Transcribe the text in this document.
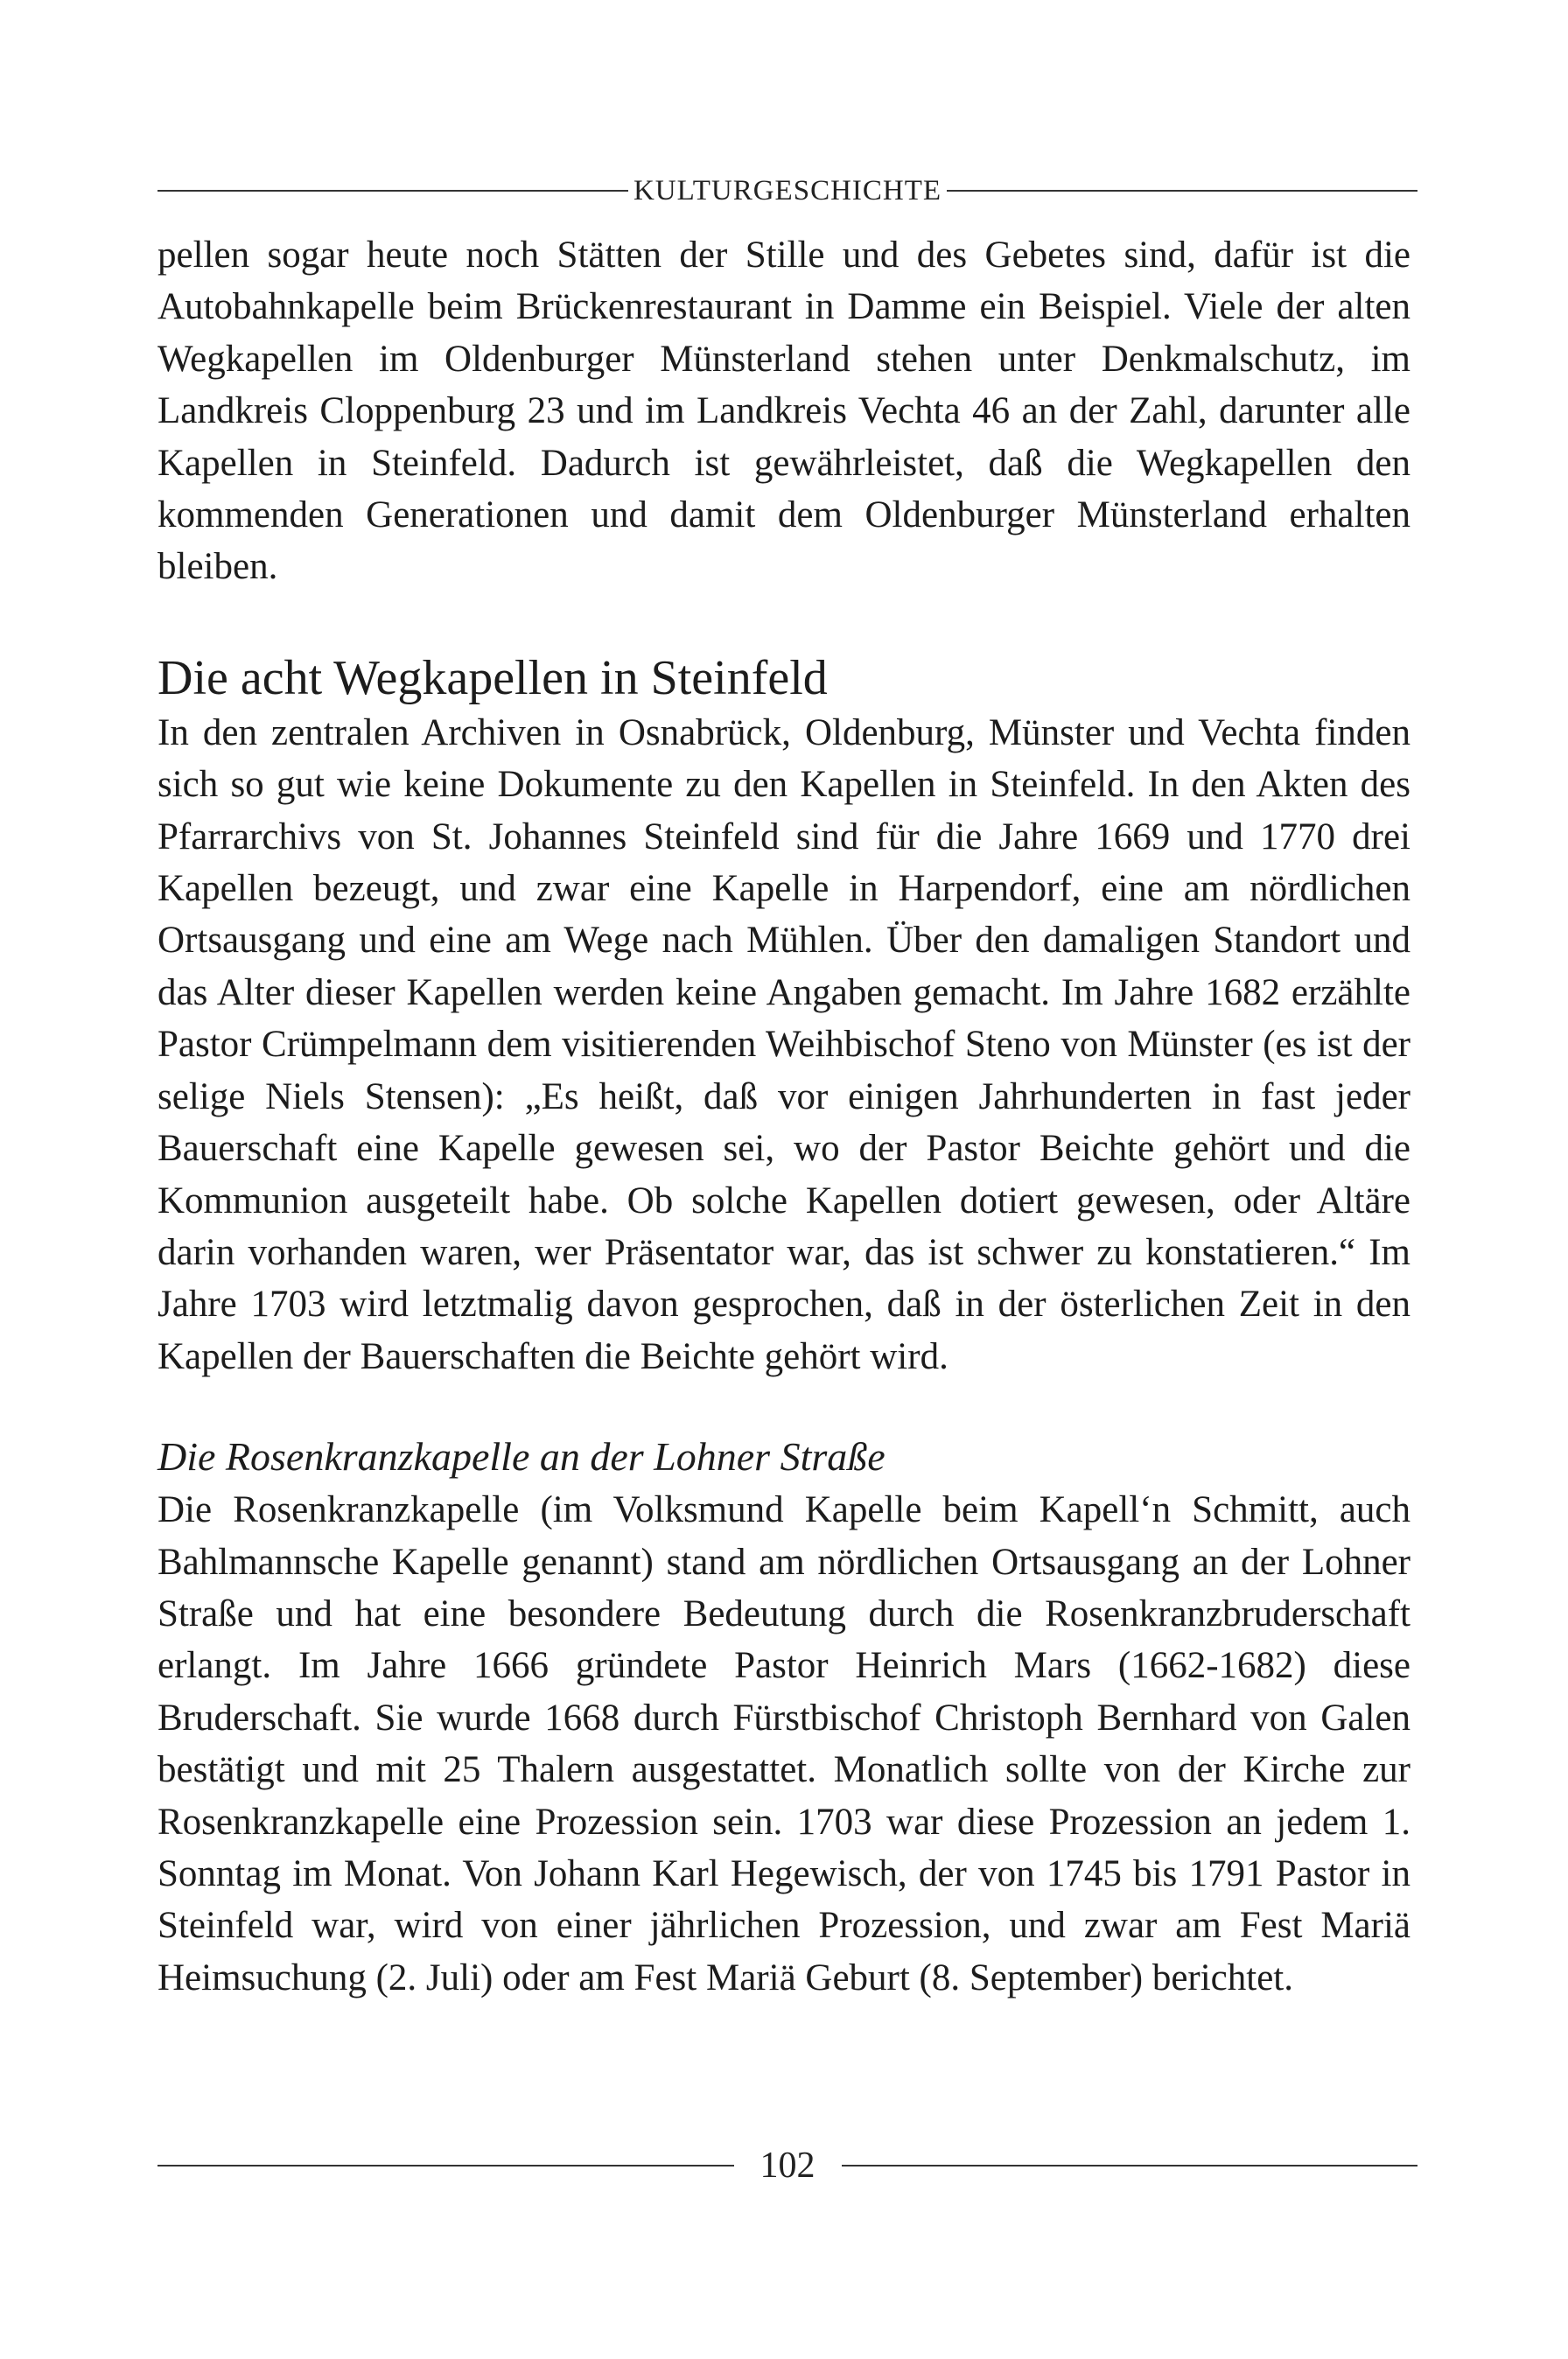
KULTURGESCHICHTE

pellen sogar heute noch Stätten der Stille und des Gebetes sind, dafür ist die Autobahnkapelle beim Brückenrestaurant in Damme ein Beispiel. Viele der alten Wegkapellen im Oldenburger Münsterland stehen unter Denkmalschutz, im Landkreis Cloppenburg 23 und im Landkreis Vechta 46 an der Zahl, darunter alle Kapellen in Steinfeld. Dadurch ist gewährleistet, daß die Wegkapellen den kommenden Generationen und damit dem Oldenburger Münsterland erhalten bleiben.

Die acht Wegkapellen in Steinfeld

In den zentralen Archiven in Osnabrück, Oldenburg, Münster und Vechta finden sich so gut wie keine Dokumente zu den Kapellen in Steinfeld. In den Akten des Pfarrarchivs von St. Johannes Steinfeld sind für die Jahre 1669 und 1770 drei Kapellen bezeugt, und zwar eine Kapelle in Harpendorf, eine am nördlichen Ortsausgang und eine am Wege nach Mühlen. Über den damaligen Standort und das Alter dieser Kapellen werden keine Angaben gemacht. Im Jahre 1682 erzählte Pastor Crümpelmann dem visitierenden Weihbischof Steno von Münster (es ist der selige Niels Stensen): „Es heißt, daß vor einigen Jahrhunderten in fast jeder Bauerschaft eine Kapelle gewesen sei, wo der Pastor Beichte gehört und die Kommunion ausgeteilt habe. Ob solche Kapellen dotiert gewesen, oder Altäre darin vorhanden waren, wer Präsentator war, das ist schwer zu konstatieren.“ Im Jahre 1703 wird letztmalig davon gesprochen, daß in der österlichen Zeit in den Kapellen der Bauerschaften die Beichte gehört wird.

Die Rosenkranzkapelle an der Lohner Straße

Die Rosenkranzkapelle (im Volksmund Kapelle beim Kapell‘n Schmitt, auch Bahlmannsche Kapelle genannt) stand am nördlichen Ortsausgang an der Lohner Straße und hat eine besondere Bedeutung durch die Rosenkranzbruderschaft erlangt. Im Jahre 1666 gründete Pastor Heinrich Mars (1662-1682) diese Bruderschaft. Sie wurde 1668 durch Fürstbischof Christoph Bernhard von Galen bestätigt und mit 25 Thalern ausgestattet. Monatlich sollte von der Kirche zur Rosenkranzkapelle eine Prozession sein. 1703 war diese Prozession an jedem 1. Sonntag im Monat. Von Johann Karl Hegewisch, der von 1745 bis 1791 Pastor in Steinfeld war, wird von einer jährlichen Prozession, und zwar am Fest Mariä Heimsuchung (2. Juli) oder am Fest Mariä Geburt (8. September) berichtet.

102
